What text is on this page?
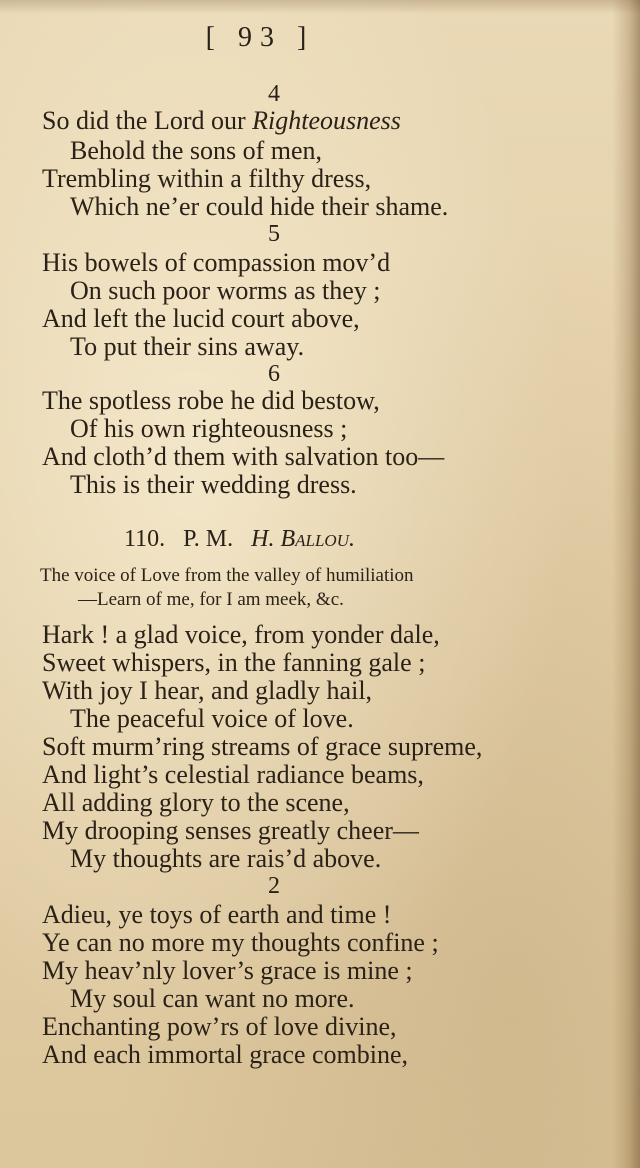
[ 93 ]
4
So did the Lord our Righteousness
Behold the sons of men,
Trembling within a filthy dress,
Which ne’er could hide their shame.
5
His bowels of compassion mov’d
On such poor worms as they ;
And left the lucid court above,
To put their sins away.
6
The spotless robe he did bestow,
Of his own righteousness ;
And cloth’d them with salvation too—
This is their wedding dress.
110. P. M. H. Ballou.
The voice of Love from the valley of humiliation
—Learn of me, for I am meek, &c.
Hark ! a glad voice, from yonder dale,
Sweet whispers, in the fanning gale ;
With joy I hear, and gladly hail,
The peaceful voice of love.
Soft murm’ring streams of grace supreme,
And light’s celestial radiance beams,
All adding glory to the scene,
My drooping senses greatly cheer—
My thoughts are rais’d above.
2
Adieu, ye toys of earth and time !
Ye can no more my thoughts confine ;
My heav’nly lover’s grace is mine ;
My soul can want no more.
Enchanting pow’rs of love divine,
And each immortal grace combine,
